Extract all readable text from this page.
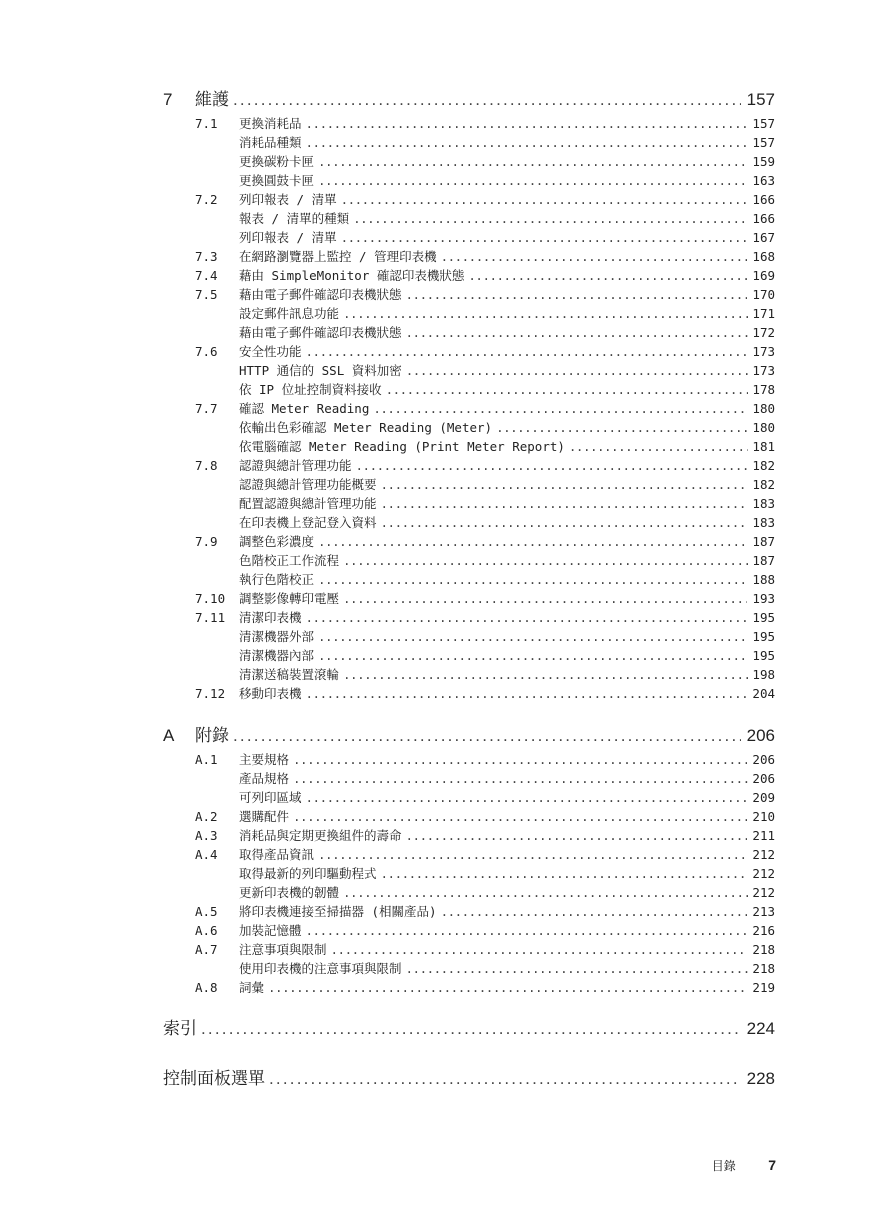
7	維護 .....	157
7.1	更換消耗品 .....	157
消耗品種類 .....	157
更換碳粉卡匣 .....	159
更換圓鼓卡匣 .....	163
7.2	列印報表 / 清單 .....	166
報表 / 清單的種類 .....	166
列印報表 / 清單 .....	167
7.3	在網路瀏覽器上監控 / 管理印表機 .....	168
7.4	藉由 SimpleMonitor 確認印表機狀態 .....	169
7.5	藉由電子郵件確認印表機狀態 .....	170
設定郵件訊息功能 .....	171
藉由電子郵件確認印表機狀態 .....	172
7.6	安全性功能 .....	173
HTTP 通信的 SSL 資料加密 .....	173
依 IP 位址控制資料接收 .....	178
7.7	確認 Meter Reading .....	180
依輸出色彩確認 Meter Reading (Meter) .....	180
依電腦確認 Meter Reading (Print Meter Report) .....	181
7.8	認證與總計管理功能 .....	182
認證與總計管理功能概要 .....	182
配置認證與總計管理功能 .....	183
在印表機上登記登入資料 .....	183
7.9	調整色彩濃度 .....	187
色階校正工作流程 .....	187
執行色階校正 .....	188
7.10	調整影像轉印電壓 .....	193
7.11	清潔印表機 .....	195
清潔機器外部 .....	195
清潔機器內部 .....	195
清潔送稿裝置滾輪 .....	198
7.12	移動印表機 .....	204
A	附錄 .....	206
A.1	主要規格 .....	206
產品規格 .....	206
可列印區域 .....	209
A.2	選購配件 .....	210
A.3	消耗品與定期更換組件的壽命 .....	211
A.4	取得產品資訊 .....	212
取得最新的列印驅動程式 .....	212
更新印表機的韌體 .....	212
A.5	將印表機連接至掃描器 (相關產品) .....	213
A.6	加裝記憶體 .....	216
A.7	注意事項與限制 .....	218
使用印表機的注意事項與限制 .....	218
A.8	詞彙 .....	219
索引 .....	224
控制面板選單 .....	228
目錄 7
